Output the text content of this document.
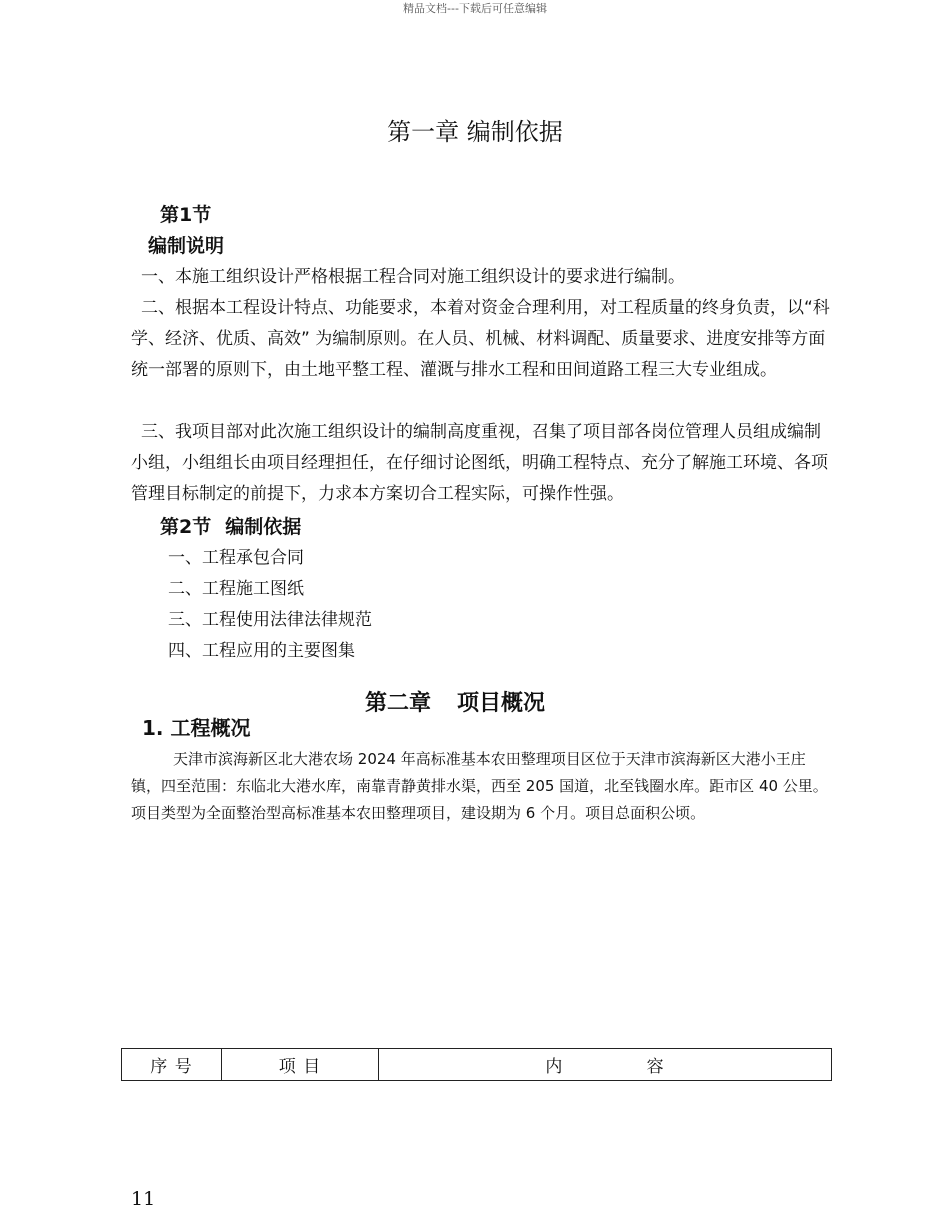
精品文档---下载后可任意编辑
第一章 编制依据
第1节
编制说明
一、本施工组织设计严格根据工程合同对施工组织设计的要求进行编制。
二、根据本工程设计特点、功能要求，本着对资金合理利用，对工程质量的终身负责，以“科学、经济、优质、高效” 为编制原则。在人员、机械、材料调配、质量要求、进度安排等方面统一部署的原则下，由土地平整工程、灌溉与排水工程和田间道路工程三大专业组成。
三、我项目部对此次施工组织设计的编制高度重视，召集了项目部各岗位管理人员组成编制小组，小组组长由项目经理担任，在仔细讨论图纸，明确工程特点、充分了解施工环境、各项管理目标制定的前提下，力求本方案切合工程实际，可操作性强。
第2节 编制依据
一、工程承包合同
二、工程施工图纸
三、工程使用法律法律规范
四、工程应用的主要图集
第二章 项目概况
1. 工程概况
天津市滨海新区北大港农场 2024 年高标准基本农田整理项目区位于天津市滨海新区大港小王庄镇，四至范围：东临北大港水库，南靠青静黄排水渠，西至 205 国道，北至钱圈水库。距市区 40 公里。项目类型为全面整治型高标准基本农田整理项目，建设期为 6 个月。项目总面积公顷。
序 号	项 目	内             容
11
